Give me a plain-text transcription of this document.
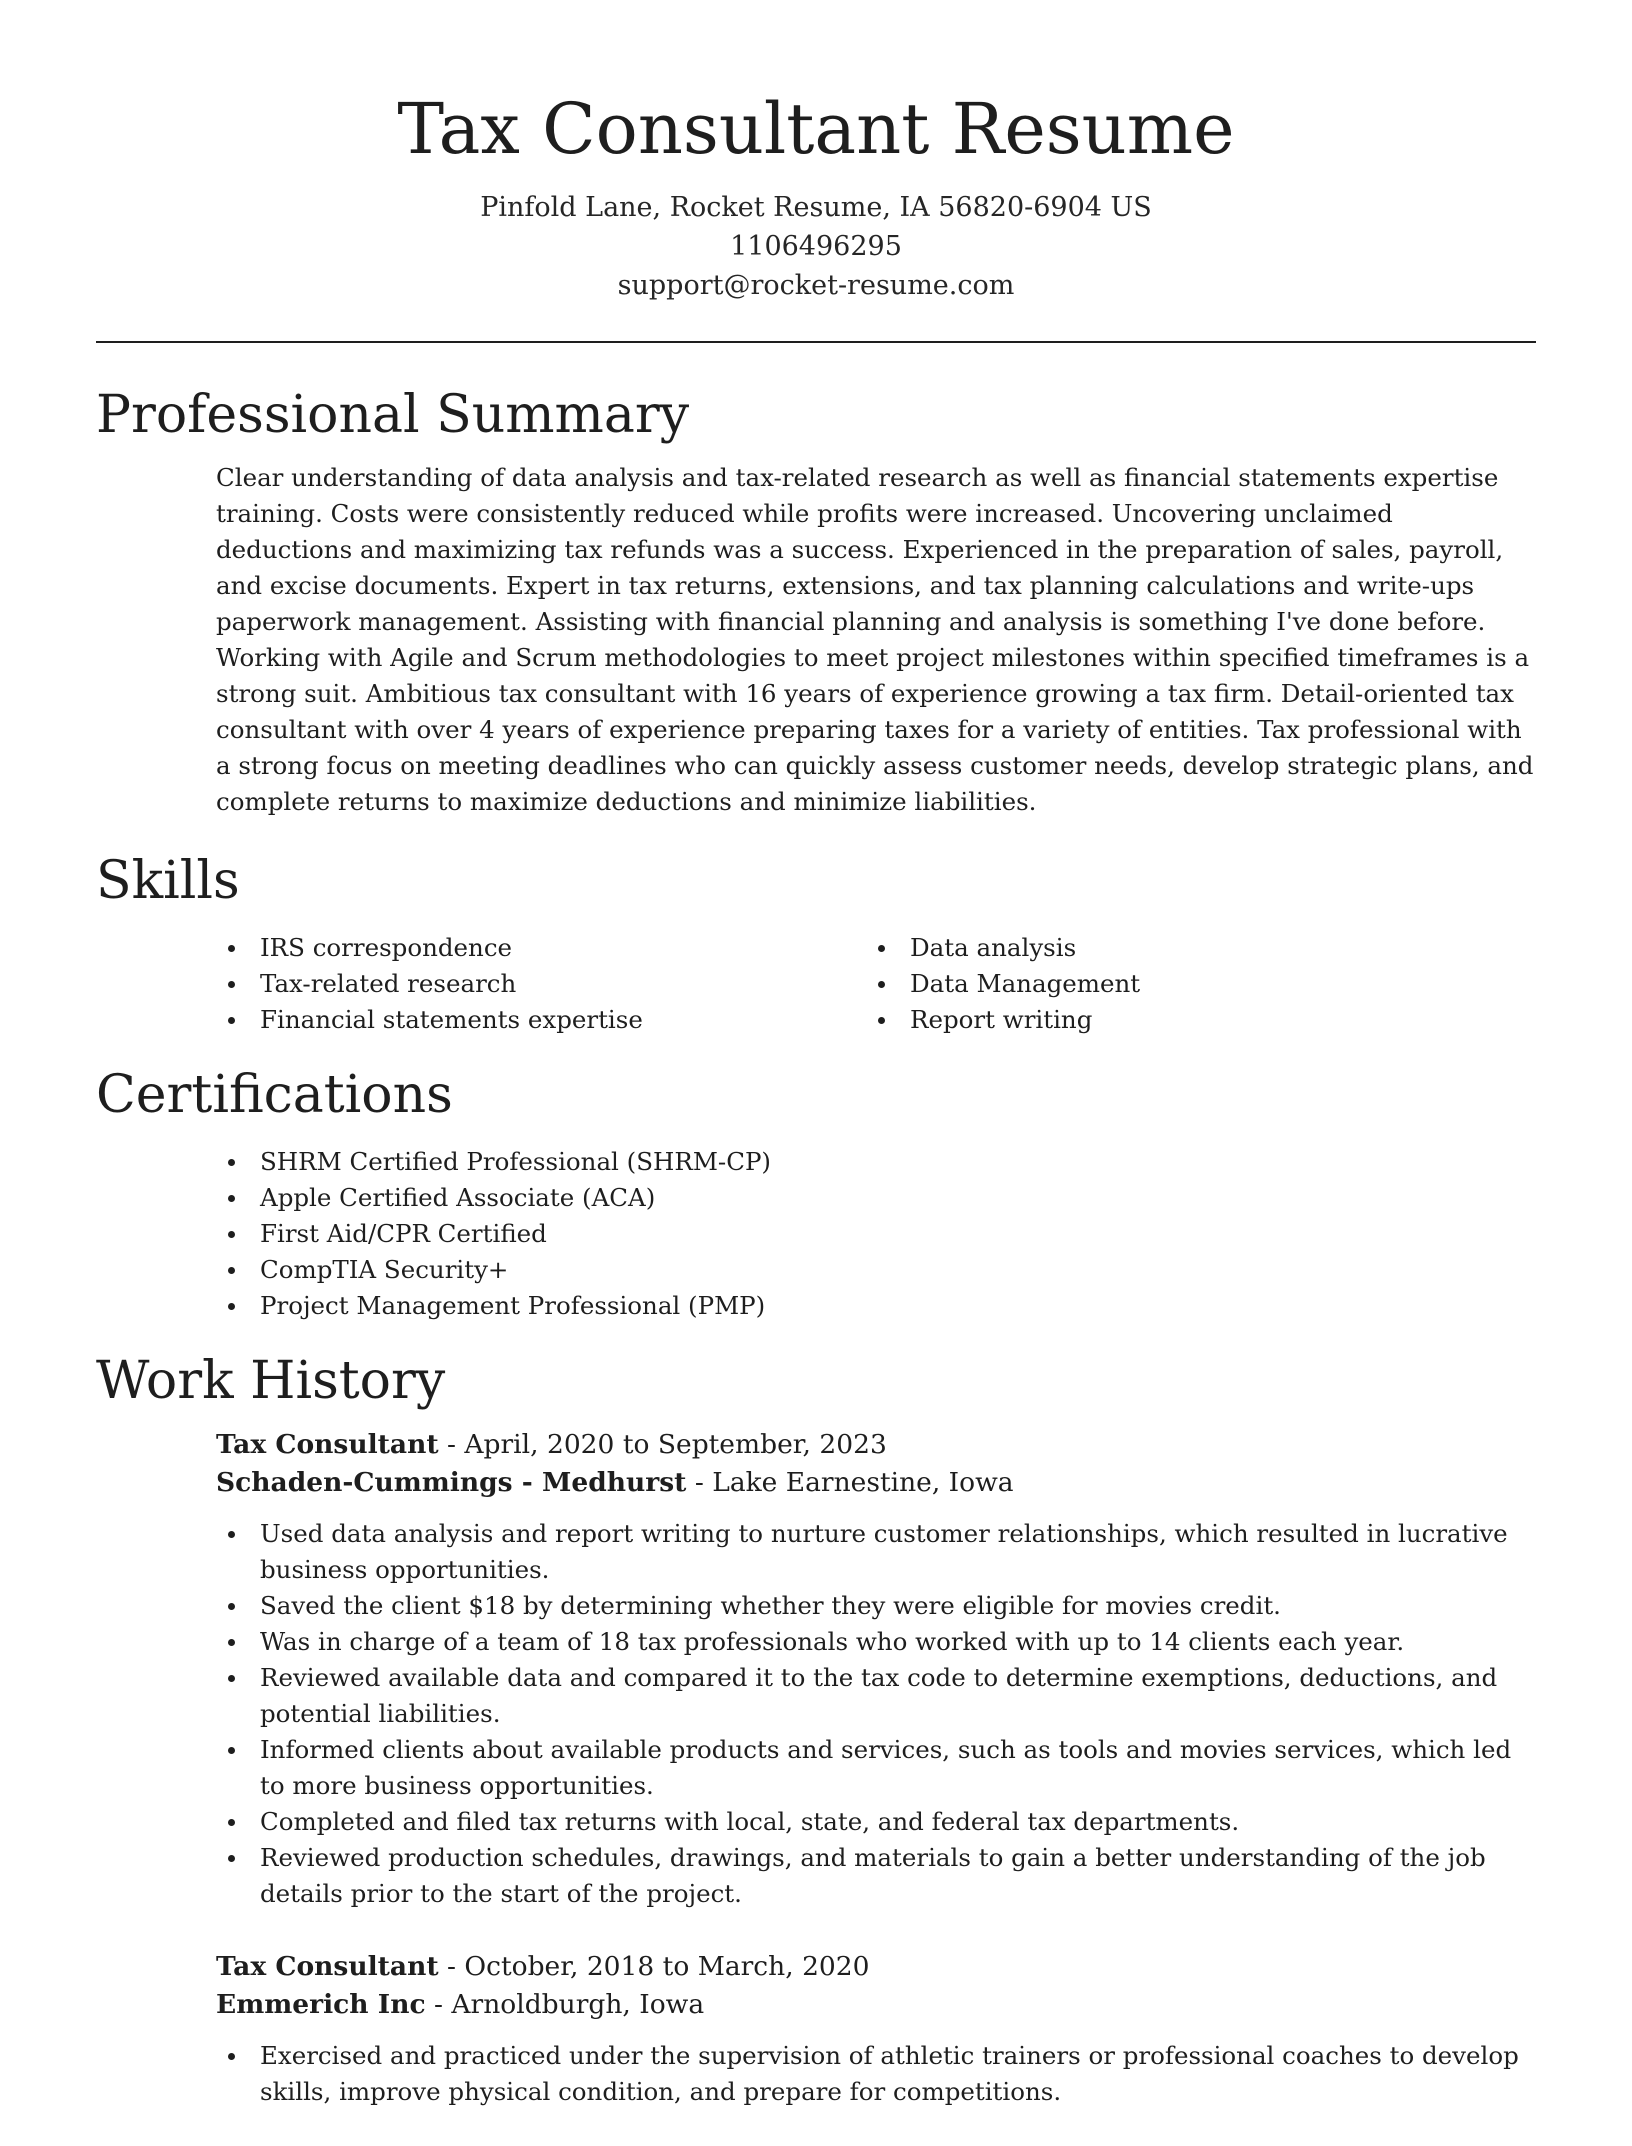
Tax Consultant Resume
Pinfold Lane, Rocket Resume, IA 56820-6904 US
1106496295
support@rocket-resume.com
Professional Summary

Clear understanding of data analysis and tax-related research as well as financial statements expertise training. Costs were consistently reduced while profits were increased. Uncovering unclaimed deductions and maximizing tax refunds was a success. Experienced in the preparation of sales, payroll, and excise documents. Expert in tax returns, extensions, and tax planning calculations and write-ups paperwork management. Assisting with financial planning and analysis is something I've done before. Working with Agile and Scrum methodologies to meet project milestones within specified timeframes is a strong suit. Ambitious tax consultant with 16 years of experience growing a tax firm. Detail-oriented tax consultant with over 4 years of experience preparing taxes for a variety of entities. Tax professional with a strong focus on meeting deadlines who can quickly assess customer needs, develop strategic plans, and complete returns to maximize deductions and minimize liabilities.

Skills
IRS correspondence
Tax-related research
Financial statements expertise
Data analysis
Data Management
Report writing
Certifications
SHRM Certified Professional (SHRM-CP)
Apple Certified Associate (ACA)
First Aid/CPR Certified
CompTIA Security+
Project Management Professional (PMP)
Work History
Tax Consultant - April, 2020 to September, 2023
Schaden-Cummings - Medhurst - Lake Earnestine, Iowa
Used data analysis and report writing to nurture customer relationships, which resulted in lucrative business opportunities.
Saved the client $18 by determining whether they were eligible for movies credit.
Was in charge of a team of 18 tax professionals who worked with up to 14 clients each year.
Reviewed available data and compared it to the tax code to determine exemptions, deductions, and potential liabilities.
Informed clients about available products and services, such as tools and movies services, which led to more business opportunities.
Completed and filed tax returns with local, state, and federal tax departments.
Reviewed production schedules, drawings, and materials to gain a better understanding of the job details prior to the start of the project.
Tax Consultant - October, 2018 to March, 2020
Emmerich Inc - Arnoldburgh, Iowa
Exercised and practiced under the supervision of athletic trainers or professional coaches to develop skills, improve physical condition, and prepare for competitions.
